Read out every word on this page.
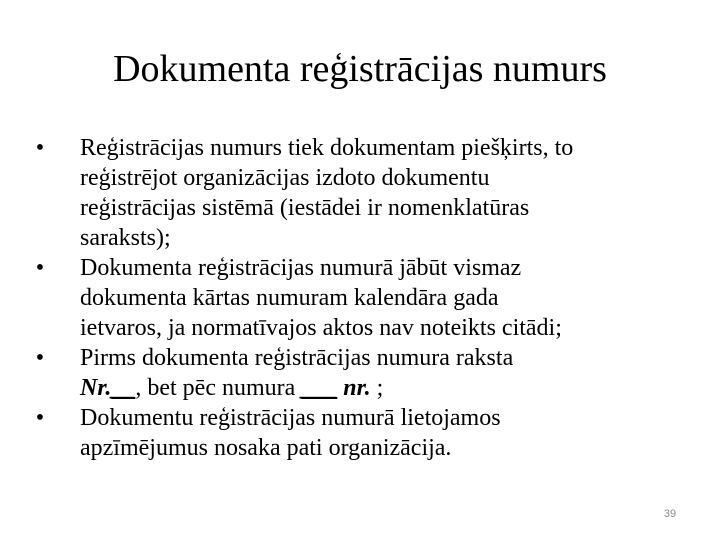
Dokumenta reģistrācijas numurs
• Reģistrācijas numurs tiek dokumentam piešķirts, to
reģistrējot organizācijas izdoto dokumentu
reģistrācijas sistēmā (iestādei ir nomenklatūras
saraksts);
• Dokumenta reģistrācijas numurā jābūt vismaz
dokumenta kārtas numuram kalendāra gada
ietvaros, ja normatīvajos aktos nav noteikts citādi;
• Pirms dokumenta reģistrācijas numura raksta
Nr.__, bet pēc numura ___ nr. ;
• Dokumentu reģistrācijas numurā lietojamos
apzīmējumus nosaka pati organizācija.
39
